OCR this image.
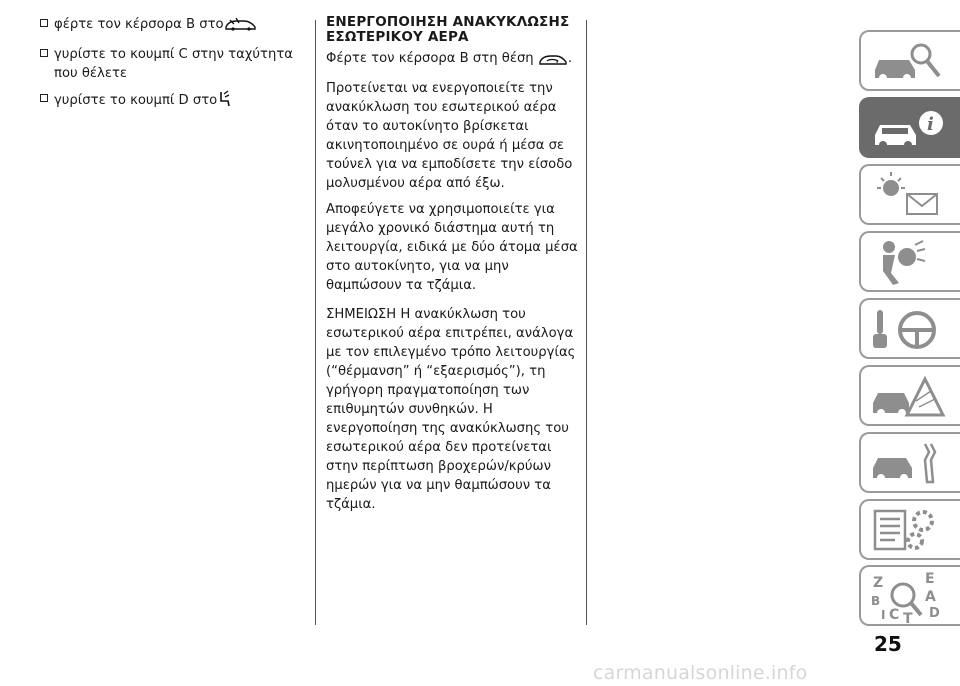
φέρτε τον κέρσορα B στο
γυρίστε το κουμπί C στην ταχύτητα που θέλετε
γυρίστε το κουμπί D στο
ΕΝΕΡΓΟΠΟΙΗΣΗ ΑΝΑΚΥΚΛΩΣΗΣ ΕΣΩΤΕΡΙΚΟΥ ΑΕΡΑ

Φέρτε τον κέρσορα B στη θέση	.

Προτείνεται να ενεργοποιείτε την ανακύκλωση του εσωτερικού αέρα όταν το αυτοκίνητο βρίσκεται ακινητοποιημένο σε ουρά ή μέσα σε τούνελ για να εμποδίσετε την είσοδο μολυσμένου αέρα από έξω.

Αποφεύγετε να χρησιμοποιείτε για μεγάλο χρονικό διάστημα αυτή τη λειτουργία, ειδικά με δύο άτομα μέσα στο αυτοκίνητο, για να μην θαμπώσουν τα τζάμια.

ΣΗΜΕΙΩΣΗ Η ανακύκλωση του εσωτερικού αέρα επιτρέπει, ανάλογα με τον επιλεγμένο τρόπο λειτουργίας (“θέρμανση” ή “εξαερισμός”), τη γρήγορη πραγματοποίηση των επιθυμητών συνθηκών. Η ενεργοποίηση της ανακύκλωσης του εσωτερικού αέρα δεν προτείνεται στην περίπτωση βροχερών/κρύων ημερών για να μην θαμπώσουν τα τζάμια.

i
Z	E
B	A
I C T D
25
carmanualsonline.info
